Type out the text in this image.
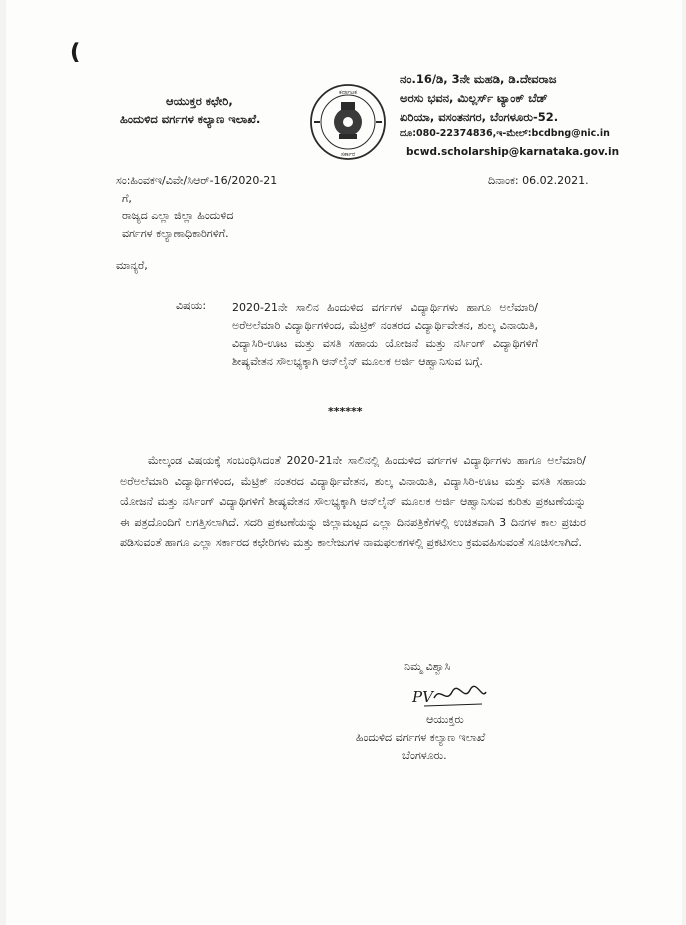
❪
ಆಯುಕ್ತರ ಕಛೇರಿ,
ಹಿಂದುಳಿದ ವರ್ಗಗಳ ಕಲ್ಯಾಣ ಇಲಾಖೆ.
ಕರ್ನಾಟಕ
ಸರ್ಕಾರ
ನಂ.16/ಡಿ, 3ನೇ ಮಹಡಿ, ಡಿ.ದೇವರಾಜ
ಅರಸು ಭವನ, ಮಿಲ್ಲರ್ಸ್ ಟ್ಯಾಂಕ್ ಬೆಡ್
ಏರಿಯಾ, ವಸಂತನಗರ, ಬೆಂಗಳೂರು-52.
ದೂ:080-22374836,ಇ-ಮೇಲ್:bcdbng@nic.in
bcwd.scholarship@karnataka.gov.in
ಸಂ:ಹಿಂವಕಇ/ವಿವೇ/ಸಿಆರ್-16/2020-21	ದಿನಾಂಕ: 06.02.2021.
ಗೆ,
ರಾಜ್ಯದ ಎಲ್ಲಾ ಜಿಲ್ಲಾ ಹಿಂದುಳಿದ
ವರ್ಗಗಳ ಕಲ್ಯಾಣಾಧಿಕಾರಿಗಳಿಗೆ.
ಮಾನ್ಯರೆ,
ವಿಷಯ: 2020-21ನೇ ಸಾಲಿನ ಹಿಂದುಳಿದ ವರ್ಗಗಳ ವಿದ್ಯಾರ್ಥಿಗಳು ಹಾಗೂ ಅಲೆಮಾರಿ/ಅರೆಅಲೆಮಾರಿ ವಿದ್ಯಾರ್ಥಿಗಳಿಂದ, ಮೆಟ್ರಿಕ್ ನಂತರದ ವಿದ್ಯಾರ್ಥಿವೇತನ, ಶುಲ್ಕ ವಿನಾಯಿತಿ, ವಿದ್ಯಾಸಿರಿ-ಊಟ ಮತ್ತು ವಸತಿ ಸಹಾಯ ಯೋಜನೆ ಮತ್ತು ನರ್ಸಿಂಗ್ ವಿದ್ಯಾಥಿಗಳಿಗೆ ಶೀಷ್ಯವೇತನ ಸೌಲಭ್ಯಕ್ಕಾಗಿ ಆನ್‌ಲೈನ್ ಮೂಲಕ ಅರ್ಜಿ ಆಹ್ವಾನಿಸುವ ಬಗ್ಗೆ.
******
ಮೇಲ್ಕಂಡ ವಿಷಯಕ್ಕೆ ಸಂಬಂಧಿಸಿದಂತೆ 2020-21ನೇ ಸಾಲಿನಲ್ಲಿ ಹಿಂದುಳಿದ ವರ್ಗಗಳ ವಿದ್ಯಾರ್ಥಿಗಳು ಹಾಗೂ ಅಲೆಮಾರಿ/ಅರೆಅಲೆಮಾರಿ ವಿದ್ಯಾರ್ಥಿಗಳಿಂದ, ಮೆಟ್ರಿಕ್ ನಂತರದ ವಿದ್ಯಾರ್ಥಿವೇತನ, ಶುಲ್ಕ ವಿನಾಯಿತಿ, ವಿದ್ಯಾಸಿರಿ-ಊಟ ಮತ್ತು ವಸತಿ ಸಹಾಯ ಯೋಜನೆ ಮತ್ತು ನರ್ಸಿಂಗ್ ವಿದ್ಯಾಥಿಗಳಿಗೆ ಶೀಷ್ಯವೇತನ ಸೌಲಭ್ಯಕ್ಕಾಗಿ ಆನ್‌ಲೈನ್ ಮೂಲಕ ಅರ್ಜಿ ಆಹ್ವಾನಿಸುವ ಕುರಿತು ಪ್ರಕಟಣೆಯನ್ನು ಈ ಪತ್ರದೊಂದಿಗೆ ಲಗತ್ತಿಸಲಾಗಿದೆ. ಸದರಿ ಪ್ರಕಟಣೆಯನ್ನು ಜಿಲ್ಲಾಮಟ್ಟದ ಎಲ್ಲಾ ದಿನಪತ್ರಿಕೆಗಳಲ್ಲಿ ಉಚಿತವಾಗಿ 3 ದಿನಗಳ ಕಾಲ ಪ್ರಚುರ ಪಡಿಸುವಂತೆ ಹಾಗೂ ಎಲ್ಲಾ ಸರ್ಕಾರದ ಕಛೇರಿಗಳು ಮತ್ತು ಕಾಲೇಜುಗಳ ನಾಮಫಲಕಗಳಲ್ಲಿ ಪ್ರಕಟಿಸಲು ಕ್ರಮವಹಿಸುವಂತೆ ಸೂಚಿಸಲಾಗಿದೆ.
ನಿಮ್ಮ ವಿಶ್ವಾಸಿ
PV
ಆಯುಕ್ತರು
ಹಿಂದುಳಿದ ವರ್ಗಗಳ ಕಲ್ಯಾಣ ಇಲಾಖೆ
ಬೆಂಗಳೂರು.
